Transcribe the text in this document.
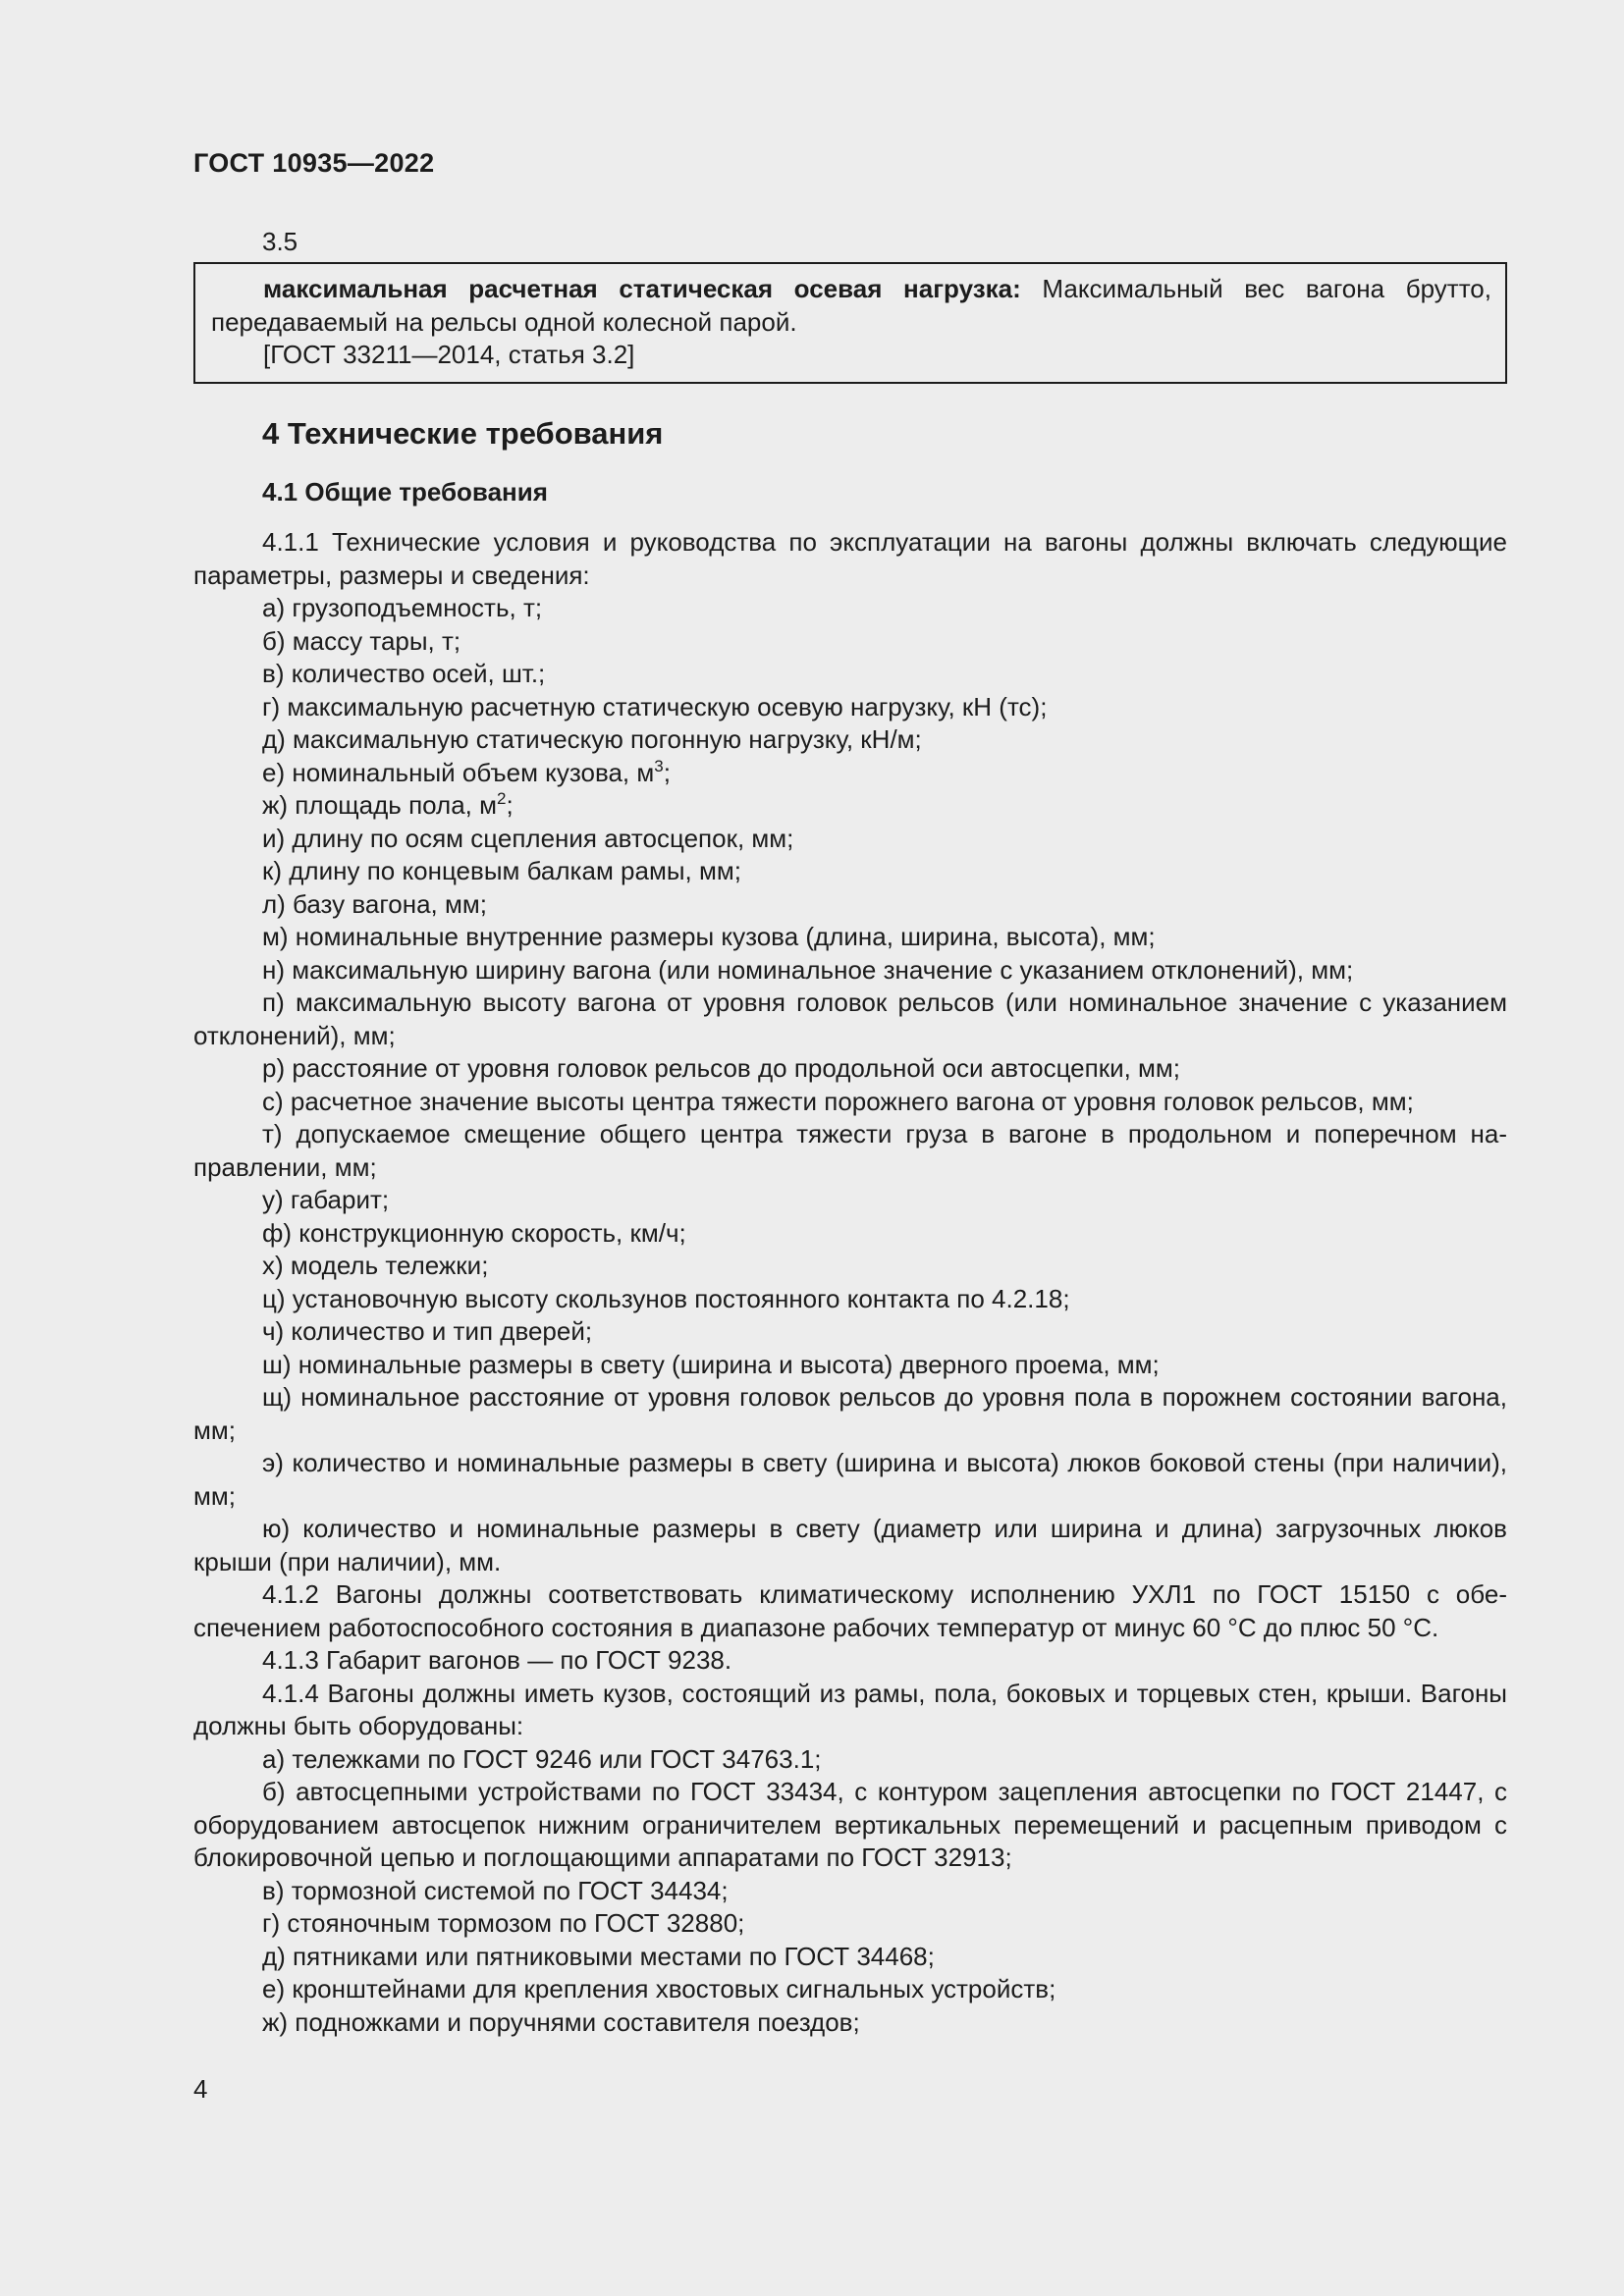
ГОСТ 10935—2022
3.5

максимальная расчетная статическая осевая нагрузка: Максимальный вес вагона брутто, передаваемый на рельсы одной колесной парой.

[ГОСТ 33211—2014, статья 3.2]

4 Технические требования
4.1 Общие требования

4.1.1 Технические условия и руководства по эксплуатации на вагоны должны включать следующие параметры, размеры и сведения:

а) грузоподъемность, т;

б) массу тары, т;

в) количество осей, шт.;

г) максимальную расчетную статическую осевую нагрузку, кН (тс);

д) максимальную статическую погонную нагрузку, кН/м;

е) номинальный объем кузова, $м^3$;

ж) площадь пола, $м^2$;

и) длину по осям сцепления автосцепок, мм;

к) длину по концевым балкам рамы, мм;

л) базу вагона, мм;

м) номинальные внутренние размеры кузова (длина, ширина, высота), мм;

н) максимальную ширину вагона (или номинальное значение с указанием отклонений), мм;

п) максимальную высоту вагона от уровня головок рельсов (или номинальное значение с указанием отклонений), мм;

р) расстояние от уровня головок рельсов до продольной оси автосцепки, мм;

с) расчетное значение высоты центра тяжести порожнего вагона от уровня головок рельсов, мм;

т) допускаемое смещение общего центра тяжести груза в вагоне в продольном и поперечном направлении, мм;

у) габарит;

ф) конструкционную скорость, км/ч;

х) модель тележки;

ц) установочную высоту скользунов постоянного контакта по 4.2.18;

ч) количество и тип дверей;

ш) номинальные размеры в свету (ширина и высота) дверного проема, мм;

щ) номинальное расстояние от уровня головок рельсов до уровня пола в порожнем состоянии вагона, мм;

э) количество и номинальные размеры в свету (ширина и высота) люков боковой стены (при наличии), мм;

ю) количество и номинальные размеры в свету (диаметр или ширина и длина) загрузочных люков крыши (при наличии), мм.

4.1.2 Вагоны должны соответствовать климатическому исполнению УХЛ1 по ГОСТ 15150 с обеспечением работоспособного состояния в диапазоне рабочих температур от минус 60 °С до плюс 50 °С.

4.1.3 Габарит вагонов — по ГОСТ 9238.

4.1.4 Вагоны должны иметь кузов, состоящий из рамы, пола, боковых и торцевых стен, крыши. Вагоны должны быть оборудованы:

а) тележками по ГОСТ 9246 или ГОСТ 34763.1;

б) автосцепными устройствами по ГОСТ 33434, с контуром зацепления автосцепки по ГОСТ 21447, с оборудованием автосцепок нижним ограничителем вертикальных перемещений и расцепным приводом с блокировочной цепью и поглощающими аппаратами по ГОСТ 32913;

в) тормозной системой по ГОСТ 34434;

г) стояночным тормозом по ГОСТ 32880;

д) пятниками или пятниковыми местами по ГОСТ 34468;

е) кронштейнами для крепления хвостовых сигнальных устройств;

ж) подножками и поручнями составителя поездов;

4
